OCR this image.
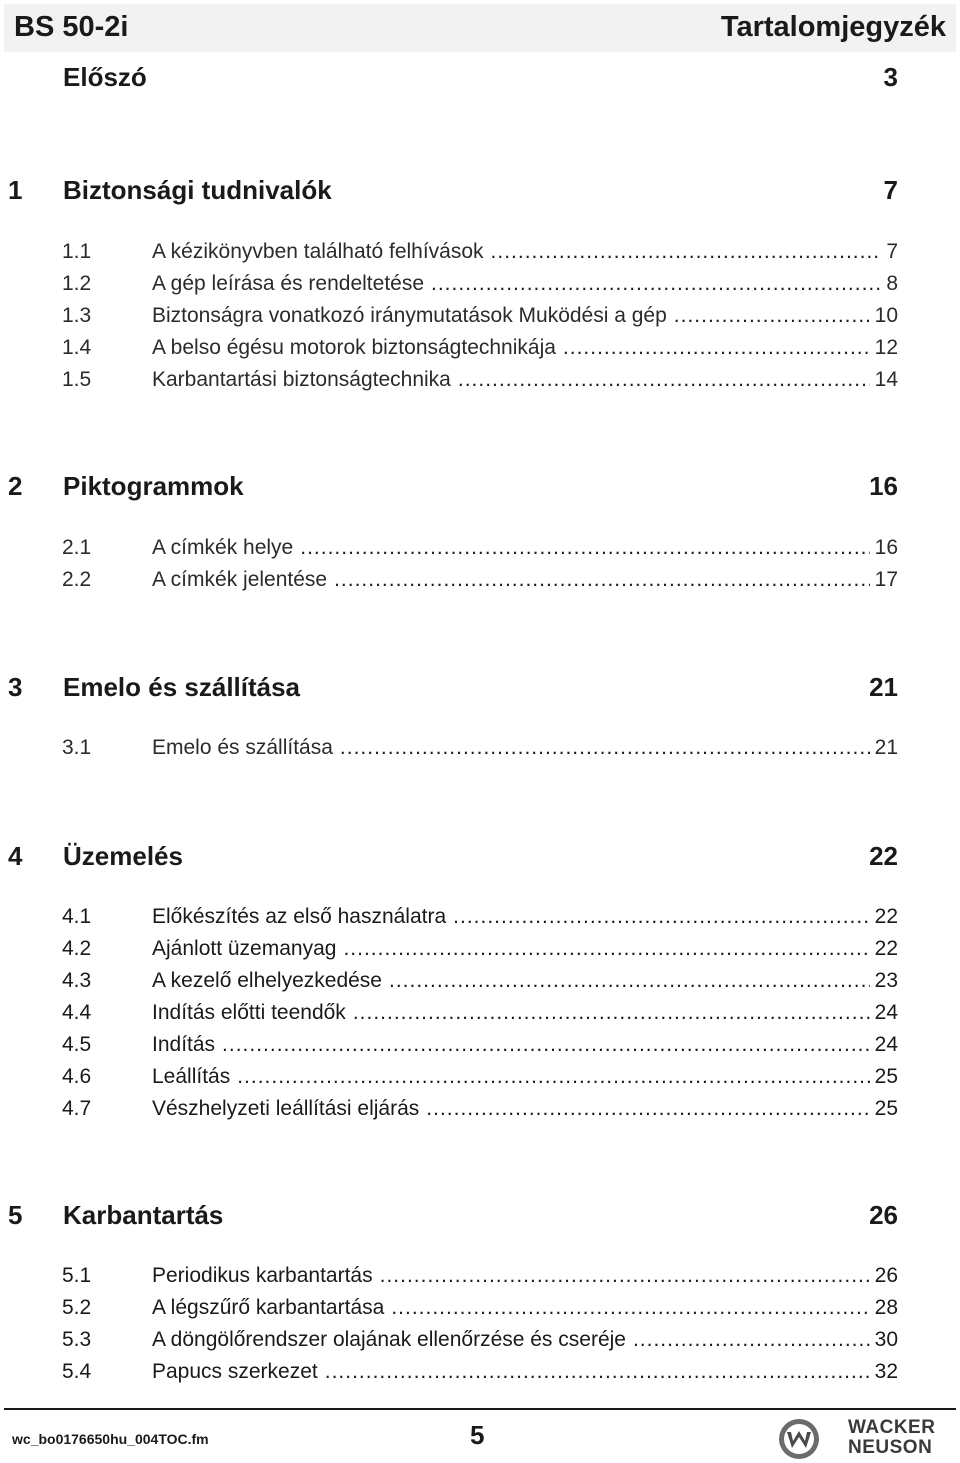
BS 50-2i	Tartalomjegyzék
Előszó	3
1 Biztonsági tudnivalók	7
1.1	A kézikönyvben található felhívások .....	7
1.2	A gép leírása és rendeltetése .....	8
1.3	Biztonságra vonatkozó iránymutatások Muködési a gép .....	10
1.4	A belso égésu motorok biztonságtechnikája .....	12
1.5	Karbantartási biztonságtechnika .....	14
2 Piktogrammok	16
2.1	A címkék helye .....	16
2.2	A címkék jelentése .....	17
3 Emelo és szállítása	21
3.1	Emelo és szállítása .....	21
4 Üzemelés	22
4.1	Előkészítés az első használatra .....	22
4.2	Ajánlott üzemanyag .....	22
4.3	A kezelő elhelyezkedése .....	23
4.4	Indítás előtti teendők .....	24
4.5	Indítás .....	24
4.6	Leállítás .....	25
4.7	Vészhelyzeti leállítási eljárás .....	25
5 Karbantartás	26
5.1	Periodikus karbantartás .....	26
5.2	A légszűrő karbantartása .....	28
5.3	A döngölőrendszer olajának ellenőrzése és cseréje .....	30
5.4	Papucs szerkezet .....	32
wc_bo0176650hu_004TOC.fm	5	WACKER
NEUSON
